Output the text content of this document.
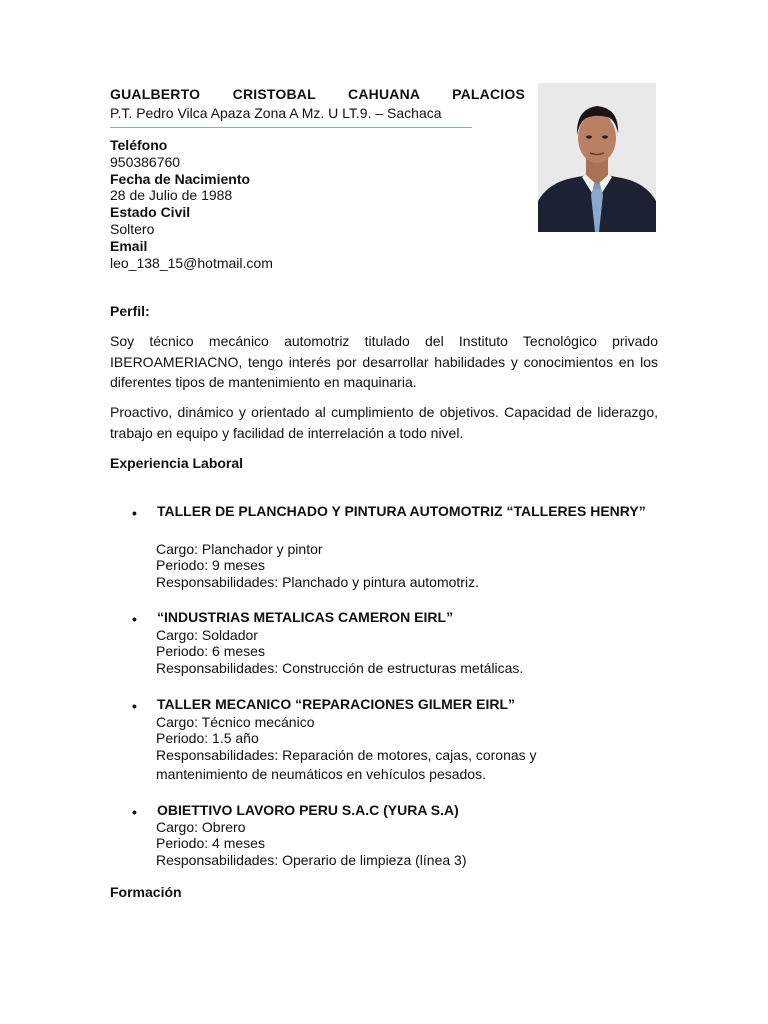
GUALBERTO CRISTOBAL CAHUANA PALACIOS
P.T. Pedro Vilca Apaza Zona A Mz. U LT.9. – Sachaca
Teléfono
950386760
Fecha de Nacimiento
28 de Julio de 1988
Estado Civil
Soltero
Email
leo_138_15@hotmail.com
Perfil:
Soy técnico mecánico automotriz titulado del Instituto Tecnológico privado IBEROAMERIACNO, tengo interés por desarrollar habilidades y conocimientos en los diferentes tipos de mantenimiento en maquinaria.
Proactivo, dinámico y orientado al cumplimiento de objetivos. Capacidad de liderazgo, trabajo en equipo y facilidad de interrelación a todo nivel.
Experiencia Laboral
• TALLER DE PLANCHADO Y PINTURA AUTOMOTRIZ “TALLERES HENRY”
Cargo: Planchador y pintor
Periodo: 9 meses
Responsabilidades: Planchado y pintura automotriz.
• “INDUSTRIAS METALICAS CAMERON EIRL”
Cargo: Soldador
Periodo: 6 meses
Responsabilidades: Construcción de estructuras metálicas.
• TALLER MECANICO “REPARACIONES GILMER EIRL”
Cargo: Técnico mecánico
Periodo: 1.5 año
Responsabilidades: Reparación de motores, cajas, coronas y
mantenimiento de neumáticos en vehículos pesados.
• OBIETTIVO LAVORO PERU S.A.C (YURA S.A)
Cargo: Obrero
Periodo: 4 meses
Responsabilidades: Operario de limpieza (línea 3)
Formación
